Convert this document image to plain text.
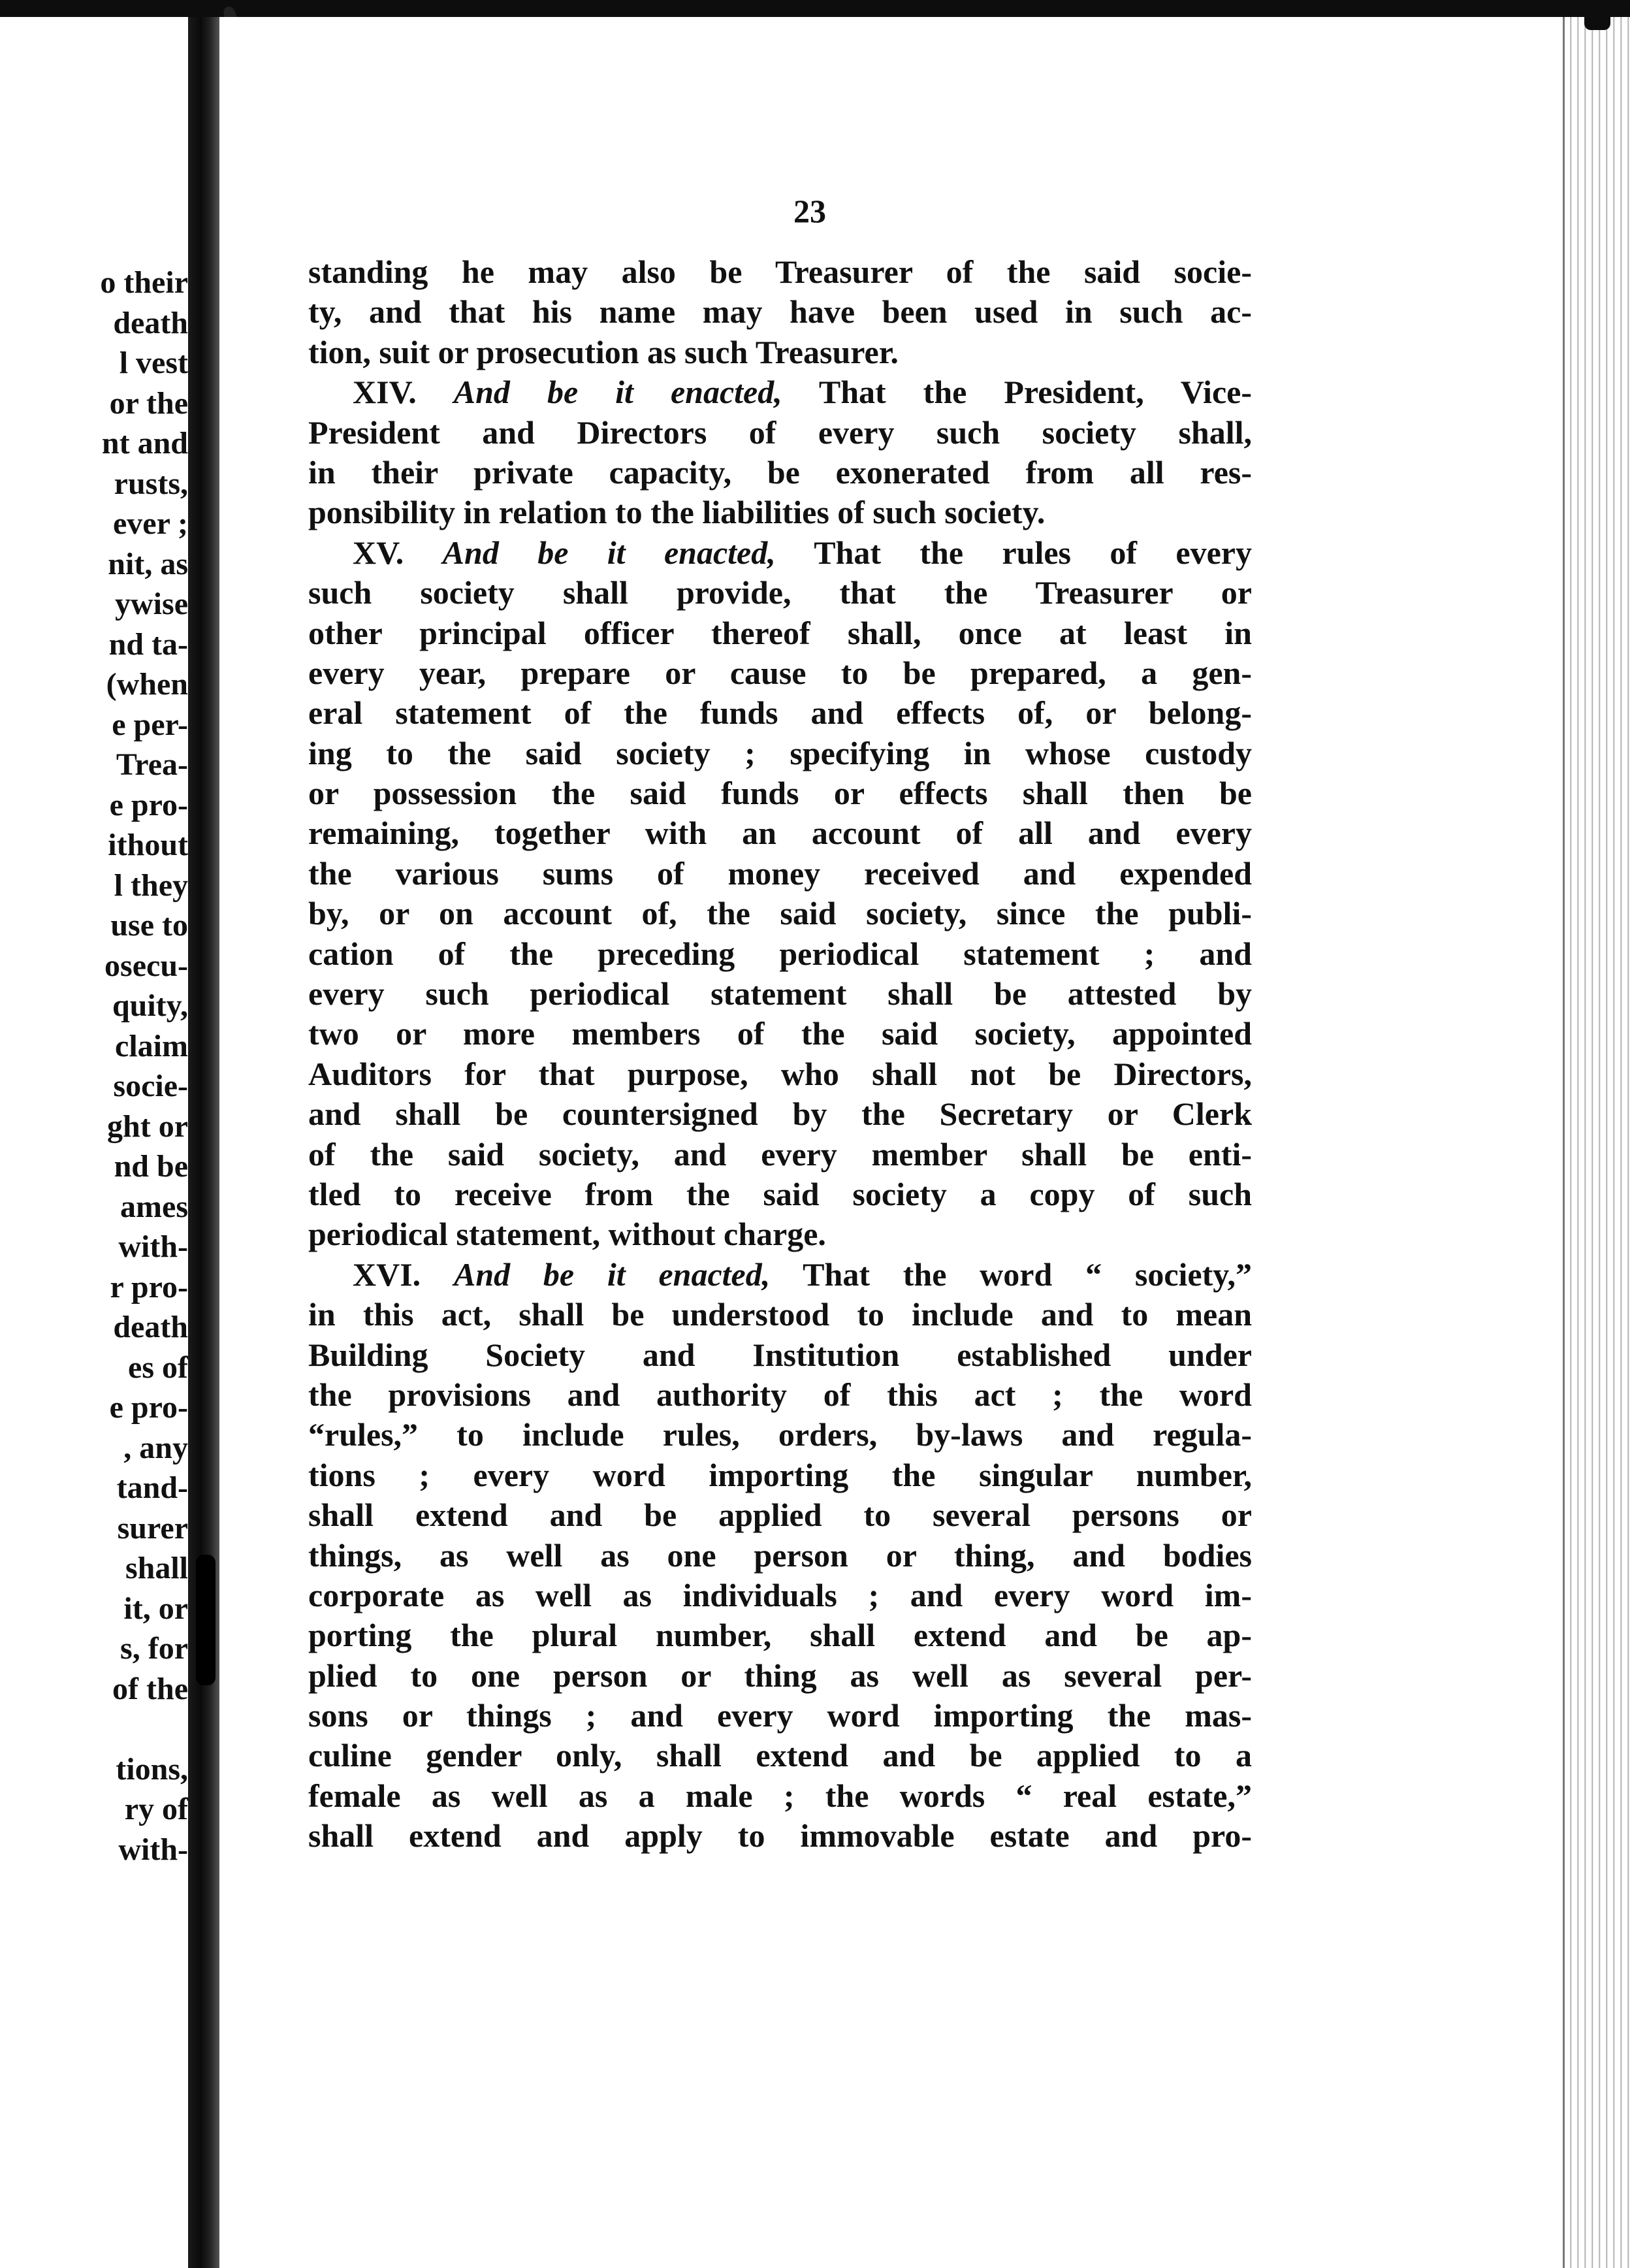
o their
death
l vest
or the
nt and
rusts,
ever ;
nit, as
ywise
nd ta-
(when
e per-
Trea-
e pro-
ithout
l they
use to
osecu-
quity,
claim
socie-
ght or
nd be
ames
with-
r pro-
death
es of
e pro-
, any
tand-
surer
shall
it, or
s, for
of the
tions,
ry of
with-
23
standing he may also be Treasurer of the said socie-
ty, and that his name may have been used in such ac-
tion, suit or prosecution as such Treasurer.
XIV. And be it enacted, That the President, Vice-
President and Directors of every such society shall,
in their private capacity, be exonerated from all res-
ponsibility in relation to the liabilities of such society.
XV. And be it enacted, That the rules of every
such society shall provide, that the Treasurer or
other principal officer thereof shall, once at least in
every year, prepare or cause to be prepared, a gen-
eral statement of the funds and effects of, or belong-
ing to the said society ; specifying in whose custody
or possession the said funds or effects shall then be
remaining, together with an account of all and every
the various sums of money received and expended
by, or on account of, the said society, since the publi-
cation of the preceding periodical statement ; and
every such periodical statement shall be attested by
two or more members of the said society, appointed
Auditors for that purpose, who shall not be Directors,
and shall be countersigned by the Secretary or Clerk
of the said society, and every member shall be enti-
tled to receive from the said society a copy of such
periodical statement, without charge.
XVI. And be it enacted, That the word “ society,”
in this act, shall be understood to include and to mean
Building Society and Institution established under
the provisions and authority of this act ; the word
“rules,” to include rules, orders, by-laws and regula-
tions ; every word importing the singular number,
shall extend and be applied to several persons or
things, as well as one person or thing, and bodies
corporate as well as individuals ; and every word im-
porting the plural number, shall extend and be ap-
plied to one person or thing as well as several per-
sons or things ; and every word importing the mas-
culine gender only, shall extend and be applied to a
female as well as a male ; the words “ real estate,”
shall extend and apply to immovable estate and pro-
